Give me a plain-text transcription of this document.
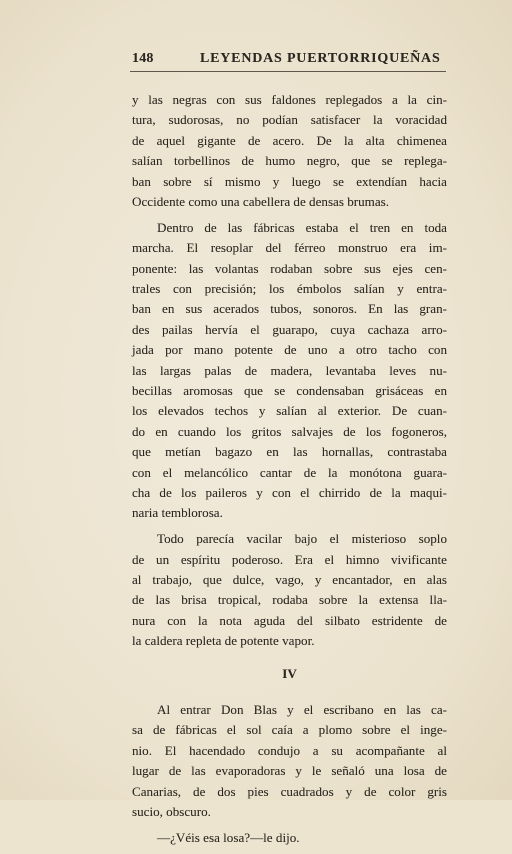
148	LEYENDAS PUERTORRIQUEÑAS

y las negras con sus faldones replegados a la cin-
tura, sudorosas, no podían satisfacer la voracidad
de aquel gigante de acero. De la alta chimenea
salían torbellinos de humo negro, que se replega-
ban sobre sí mismo y luego se extendían hacia
Occidente como una cabellera de densas brumas.

Dentro de las fábricas estaba el tren en toda
marcha. El resoplar del férreo monstruo era im-
ponente: las volantas rodaban sobre sus ejes cen-
trales con precisión; los émbolos salían y entra-
ban en sus acerados tubos, sonoros. En las gran-
des pailas hervía el guarapo, cuya cachaza arro-
jada por mano potente de uno a otro tacho con
las largas palas de madera, levantaba leves nu-
becillas aromosas que se condensaban grisáceas en
los elevados techos y salían al exterior. De cuan-
do en cuando los gritos salvajes de los fogoneros,
que metían bagazo en las hornallas, contrastaba
con el melancólico cantar de la monótona guara-
cha de los paileros y con el chirrido de la maqui-
naria temblorosa.

Todo parecía vacilar bajo el misterioso soplo
de un espíritu poderoso. Era el himno vivificante
al trabajo, que dulce, vago, y encantador, en alas
de las brisa tropical, rodaba sobre la extensa lla-
nura con la nota aguda del silbato estridente de
la caldera repleta de potente vapor.

IV

Al entrar Don Blas y el escribano en las ca-
sa de fábricas el sol caía a plomo sobre el inge-
nio. El hacendado condujo a su acompañante al
lugar de las evaporadoras y le señaló una losa de
Canarias, de dos pies cuadrados y de color gris
sucio, obscuro.

—¿Véis esa losa?—le dijo.
